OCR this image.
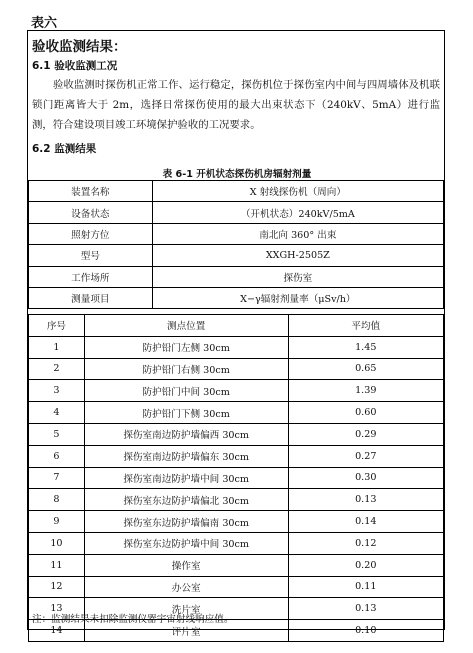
表六
验收监测结果：
6.1 验收监测工况
验收监测时探伤机正常工作、运行稳定，探伤机位于探伤室内中间与四周墙体及机联锁门距离皆大于 2m，选择日常探伤使用的最大出束状态下（240kV、5mA）进行监测，符合建设项目竣工环境保护验收的工况要求。
6.2 监测结果
表 6-1 开机状态探伤机房辐射剂量
装置名称	X 射线探伤机（周向）
设备状态	（开机状态）240kV/5mA
照射方位	南北向 360° 出束
型号	XXGH-2505Z
工作场所	探伤室
测量项目	X−γ辐射剂量率（μSv/h）
序号	测点位置	平均值
1	防护铅门左侧 30cm	1.45
2	防护铅门右侧 30cm	0.65
3	防护铅门中间 30cm	1.39
4	防护铅门下侧 30cm	0.60
5	探伤室南边防护墙偏西 30cm	0.29
6	探伤室南边防护墙偏东 30cm	0.27
7	探伤室南边防护墙中间 30cm	0.30
8	探伤室东边防护墙偏北 30cm	0.13
9	探伤室东边防护墙偏南 30cm	0.14
10	探伤室东边防护墙中间 30cm	0.12
11	操作室	0.20
12	办公室	0.11
13	洗片室	0.13
14	评片室	0.10
注：监测结果未扣除监测仪器宇宙射线响应值。
